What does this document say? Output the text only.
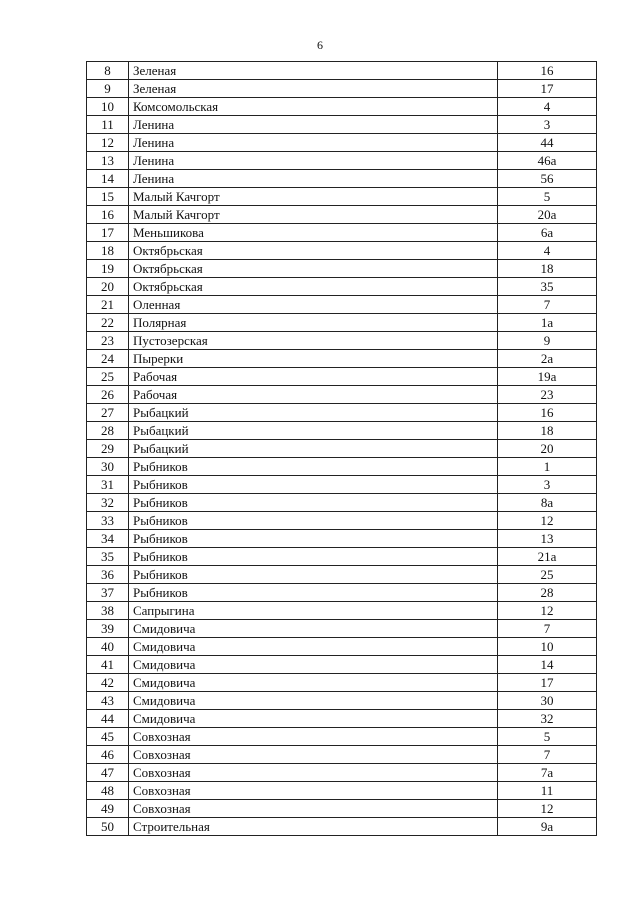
6
8	Зеленая	16
9	Зеленая	17
10	Комсомольская	4
11	Ленина	3
12	Ленина	44
13	Ленина	46а
14	Ленина	56
15	Малый Качгорт	5
16	Малый Качгорт	20а
17	Меньшикова	6а
18	Октябрьская	4
19	Октябрьская	18
20	Октябрьская	35
21	Оленная	7
22	Полярная	1а
23	Пустозерская	9
24	Пырерки	2а
25	Рабочая	19а
26	Рабочая	23
27	Рыбацкий	16
28	Рыбацкий	18
29	Рыбацкий	20
30	Рыбников	1
31	Рыбников	3
32	Рыбников	8а
33	Рыбников	12
34	Рыбников	13
35	Рыбников	21а
36	Рыбников	25
37	Рыбников	28
38	Сапрыгина	12
39	Смидовича	7
40	Смидовича	10
41	Смидовича	14
42	Смидовича	17
43	Смидовича	30
44	Смидовича	32
45	Совхозная	5
46	Совхозная	7
47	Совхозная	7а
48	Совхозная	11
49	Совхозная	12
50	Строительная	9а
